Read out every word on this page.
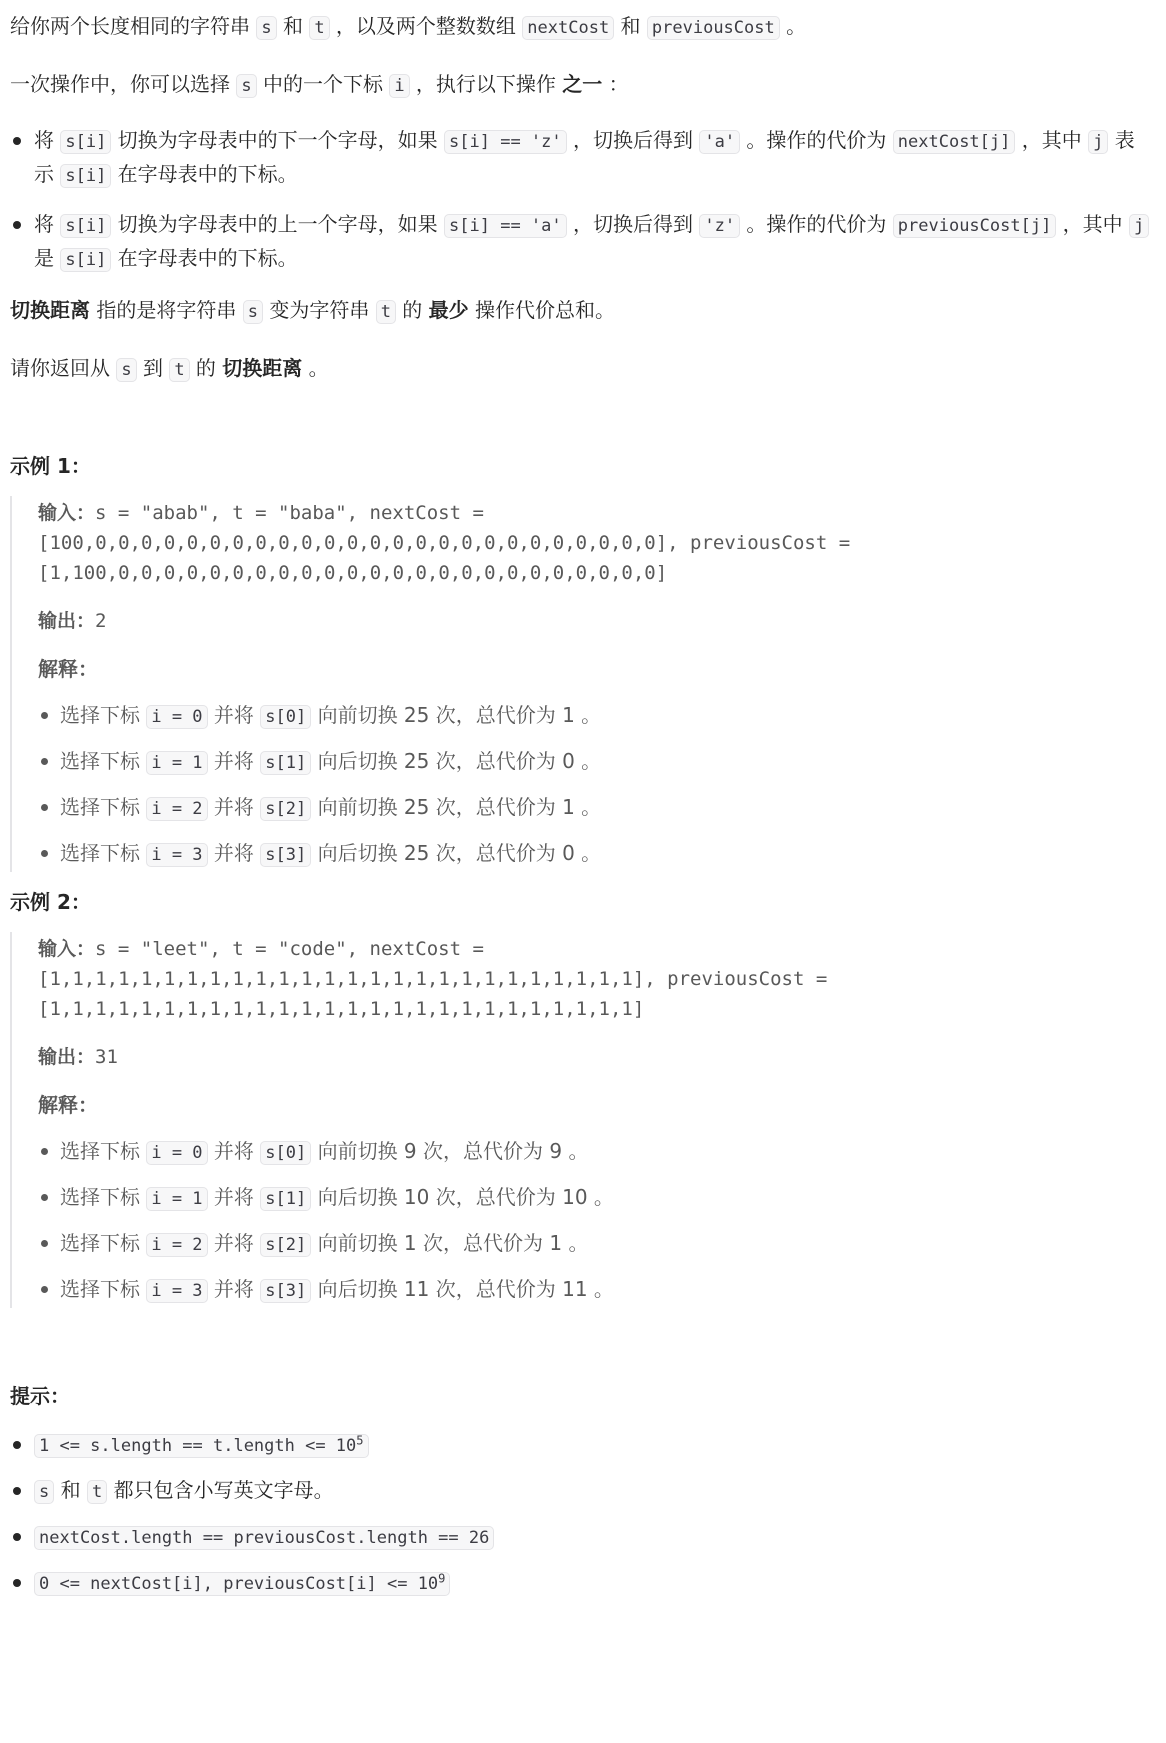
给你两个长度相同的字符串 s 和 t ，以及两个整数数组 nextCost 和 previousCost 。

一次操作中，你可以选择 s 中的一个下标 i ，执行以下操作 之一 ：

将 s[i] 切换为字母表中的下一个字母，如果 s[i] == 'z' ，切换后得到 'a' 。操作的代价为 nextCost[j] ，其中 j 表示 s[i] 在字母表中的下标。
将 s[i] 切换为字母表中的上一个字母，如果 s[i] == 'a' ，切换后得到 'z' 。操作的代价为 previousCost[j] ，其中 j 是 s[i] 在字母表中的下标。

切换距离 指的是将字符串 s 变为字符串 t 的 最少 操作代价总和。

请你返回从 s 到 t 的 切换距离 。

示例 1：
输入：s = "abab", t = "baba", nextCost =
[100,0,0,0,0,0,0,0,0,0,0,0,0,0,0,0,0,0,0,0,0,0,0,0,0,0], previousCost =
[1,100,0,0,0,0,0,0,0,0,0,0,0,0,0,0,0,0,0,0,0,0,0,0,0,0]
输出：2
解释：
选择下标 i = 0 并将 s[0] 向前切换 25 次，总代价为 1 。
选择下标 i = 1 并将 s[1] 向后切换 25 次，总代价为 0 。
选择下标 i = 2 并将 s[2] 向前切换 25 次，总代价为 1 。
选择下标 i = 3 并将 s[3] 向后切换 25 次，总代价为 0 。
示例 2：
输入：s = "leet", t = "code", nextCost =
[1,1,1,1,1,1,1,1,1,1,1,1,1,1,1,1,1,1,1,1,1,1,1,1,1,1], previousCost =
[1,1,1,1,1,1,1,1,1,1,1,1,1,1,1,1,1,1,1,1,1,1,1,1,1,1]
输出：31
解释：
选择下标 i = 0 并将 s[0] 向前切换 9 次，总代价为 9 。
选择下标 i = 1 并将 s[1] 向后切换 10 次，总代价为 10 。
选择下标 i = 2 并将 s[2] 向前切换 1 次，总代价为 1 。
选择下标 i = 3 并将 s[3] 向后切换 11 次，总代价为 11 。
提示：
1 <= s.length == t.length <= $10^5$
s 和 t 都只包含小写英文字母。
nextCost.length == previousCost.length == 26
0 <= nextCost[i], previousCost[i] <= $10^9$
